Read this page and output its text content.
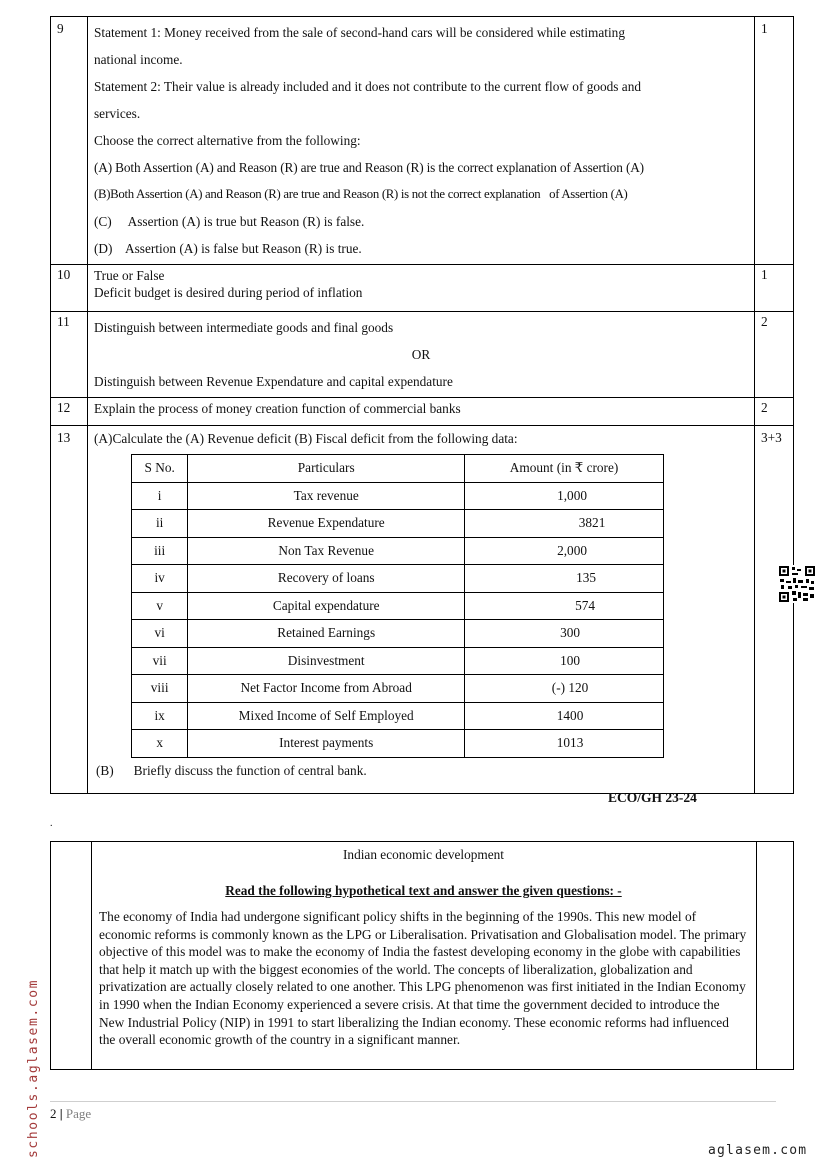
9	Statement 1: Money received from the sale of second-hand cars will be considered while estimating
national income.
Statement 2: Their value is already included and it does not contribute to the current flow of goods and
services.
Choose the correct alternative from the following:
(A) Both Assertion (A) and Reason (R) are true and Reason (R) is the correct explanation of Assertion (A)
(B)Both Assertion (A) and Reason (R) are true and Reason (R) is not the correct explanation   of Assertion (A)
(C)     Assertion (A) is true but Reason (R) is false.
(D)    Assertion (A) is false but Reason (R) is true.
	1
10	True or False
Deficit budget is desired during period of inflation
	1
11	Distinguish between intermediate goods and final goods
OR
Distinguish between Revenue Expendature and capital expendature
	2
12	Explain the process of money creation function of commercial banks	2
13	(A)Calculate the (A) Revenue deficit (B) Fiscal deficit from the following data:
S No.	Particulars	Amount (in ₹ crore)
i	Tax revenue	1,000
ii	Revenue Expendature	3821
iii	Non Tax Revenue	2,000
iv	Recovery of loans	135
v	Capital expendature	574
vi	Retained Earnings	300
vii	Disinvestment	100
viii	Net Factor Income from Abroad	(-) 120
ix	Mixed Income of Self Employed	1400
x	Interest payments	1013
(B)      Briefly discuss the function of central bank.
	3+3
ECO/GH 23-24
.

Indian economic development
Read the following hypothetical text and answer the given questions: -
The economy of India had undergone significant policy shifts in the beginning of the 1990s. This new model of economic reforms is commonly known as the LPG or Liberalisation. Privatisation and Globalisation model. The primary objective of this model was to make the economy of India the fastest developing economy in the globe with capabilities that help it match up with the biggest economies of the world. The concepts of liberalization, globalization and privatization are actually closely related to one another. This LPG phenomenon was first initiated in the Indian Economy in 1990 when the Indian Economy experienced a severe crisis. At that time the government decided to introduce the New Industrial Policy (NIP) in 1991 to start liberalizing the Indian economy. These economic reforms had influenced the overall economic growth of the country in a significant manner.

2 | Page
schools.aglasem.com	aglasem.com
